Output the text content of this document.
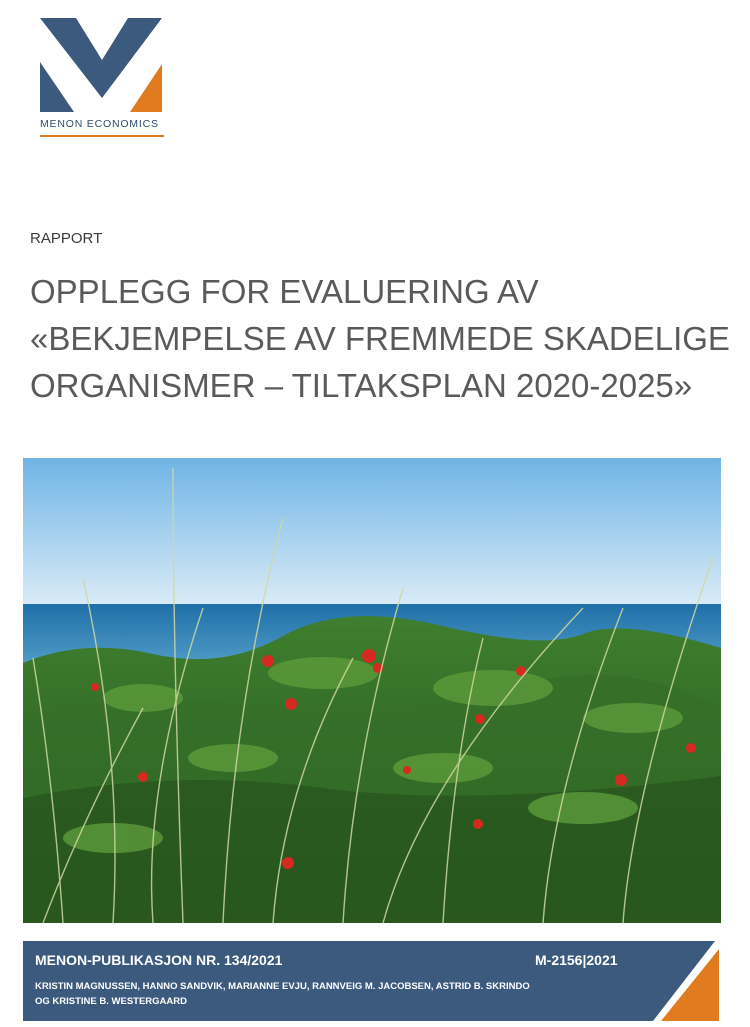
MENON ECONOMICS
RAPPORT
OPPLEGG FOR EVALUERING AV
«BEKJEMPELSE AV FREMMEDE SKADELIGE
ORGANISMER – TILTAKSPLAN 2020-2025»
MENON-PUBLIKASJON NR. 134/2021	M-2156|2021
KRISTIN MAGNUSSEN, HANNO SANDVIK, MARIANNE EVJU, RANNVEIG M. JACOBSEN, ASTRID B. SKRINDO
OG KRISTINE B. WESTERGAARD
